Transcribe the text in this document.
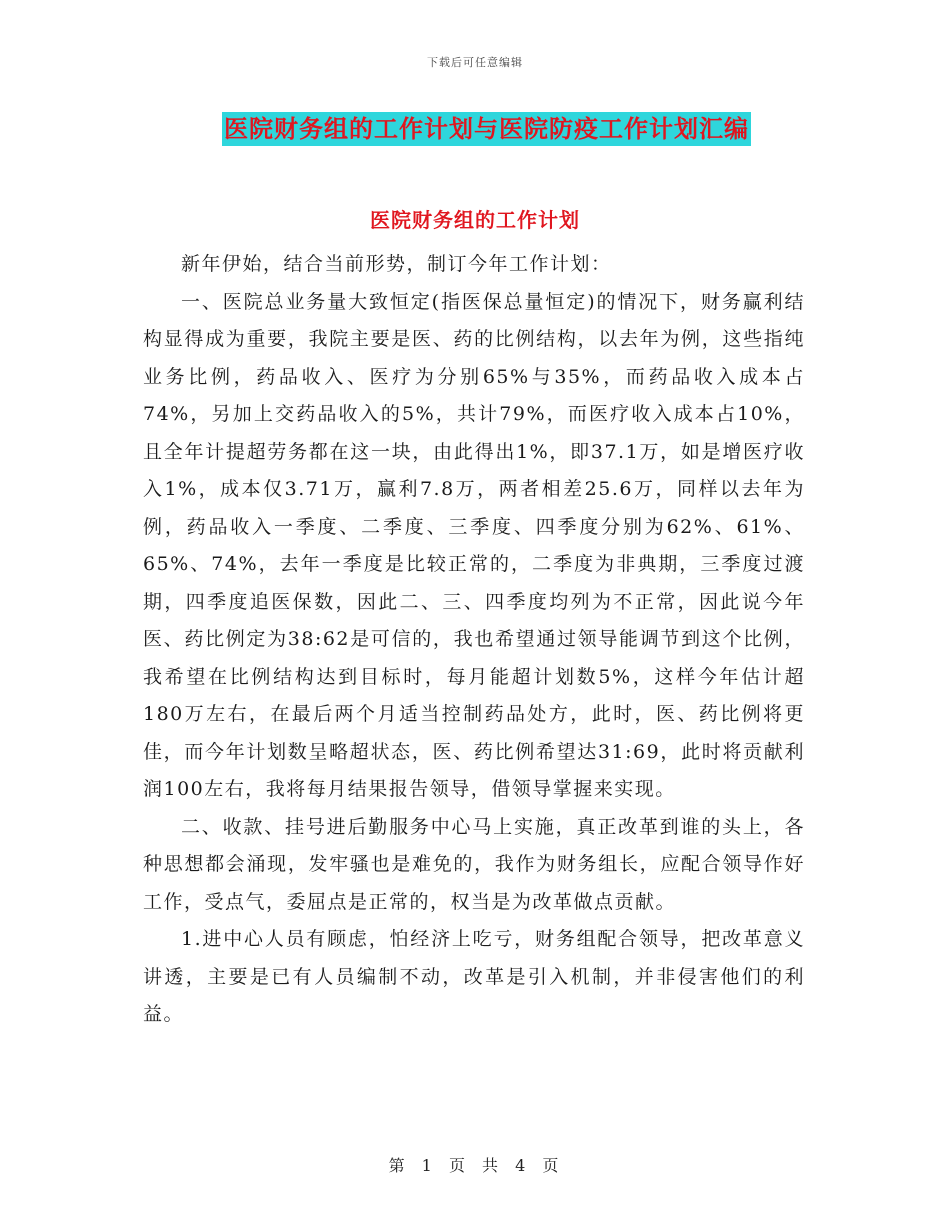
下载后可任意编辑
医院财务组的工作计划与医院防疫工作计划汇编
医院财务组的工作计划

新年伊始，结合当前形势，制订今年工作计划：

一、医院总业务量大致恒定(指医保总量恒定)的情况下，财务赢利结构显得成为重要，我院主要是医、药的比例结构，以去年为例，这些指纯业务比例，药品收入、医疗为分别65%与35%，而药品收入成本占74%，另加上交药品收入的5%，共计79%，而医疗收入成本占10%，且全年计提超劳务都在这一块，由此得出1%，即37.1万，如是增医疗收入1%，成本仅3.71万，赢利7.8万，两者相差25.6万，同样以去年为例，药品收入一季度、二季度、三季度、四季度分别为62%、61%、65%、74%，去年一季度是比较正常的，二季度为非典期，三季度过渡期，四季度追医保数，因此二、三、四季度均列为不正常，因此说今年医、药比例定为38:62是可信的，我也希望通过领导能调节到这个比例，我希望在比例结构达到目标时，每月能超计划数5%，这样今年估计超180万左右，在最后两个月适当控制药品处方，此时，医、药比例将更佳，而今年计划数呈略超状态，医、药比例希望达31:69，此时将贡献利润100左右，我将每月结果报告领导，借领导掌握来实现。

二、收款、挂号进后勤服务中心马上实施，真正改革到谁的头上，各种思想都会涌现，发牢骚也是难免的，我作为财务组长，应配合领导作好工作，受点气，委屈点是正常的，权当是为改革做点贡献。

1.进中心人员有顾虑，怕经济上吃亏，财务组配合领导，把改革意义讲透，主要是已有人员编制不动，改革是引入机制，并非侵害他们的利益。

第 1 页 共 4 页
